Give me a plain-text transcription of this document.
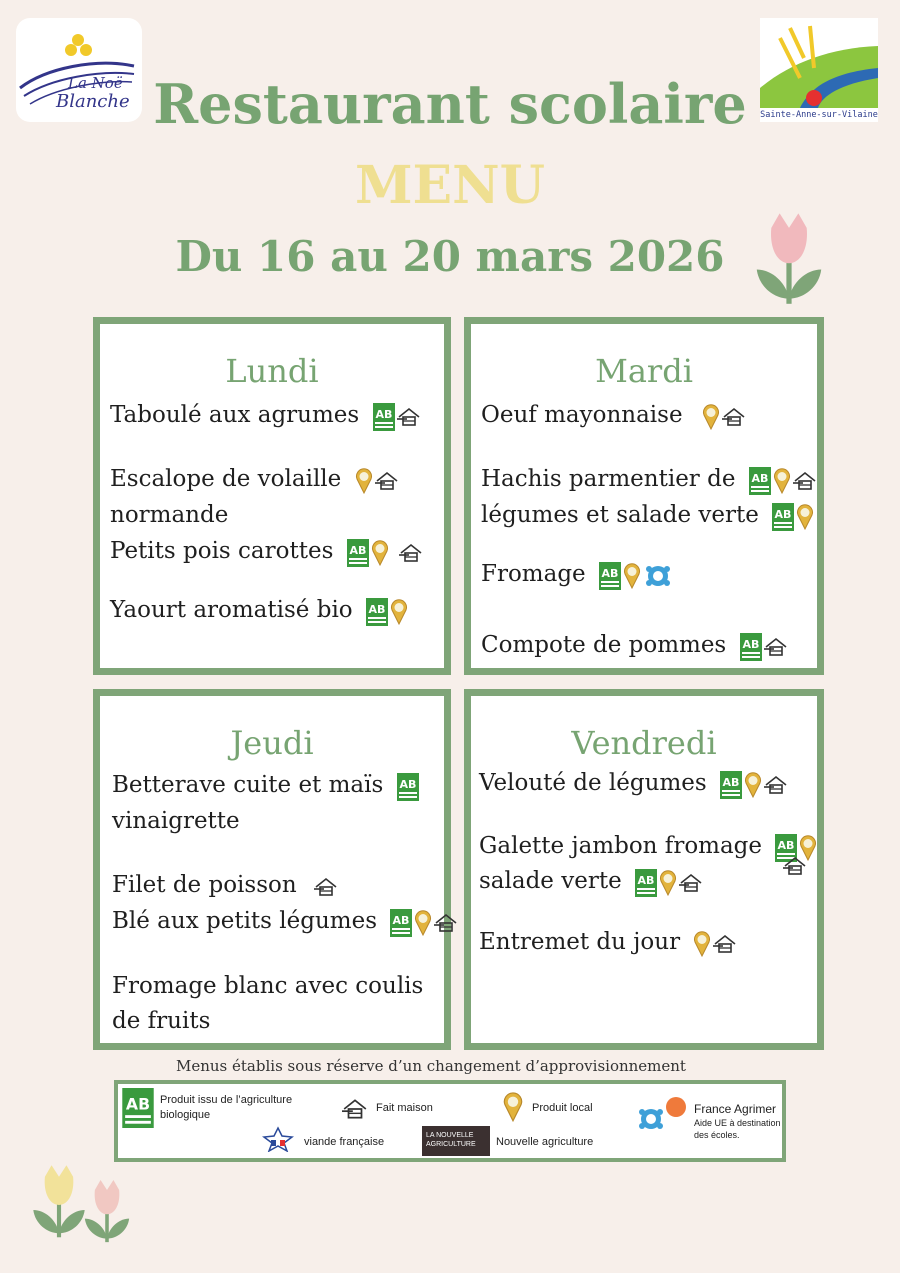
La Noë
Blanche
Sainte-Anne-sur-Vilaine
Restaurant scolaire
MENU
Du 16 au 20 mars 2026
Lundi
Taboulé aux agrumes
Escalope de volaille
normande
Petits pois carottes
Yaourt aromatisé bio
Mardi
Oeuf mayonnaise
Hachis parmentier de
légumes et salade verte
Fromage
Compote de pommes
Jeudi
Betterave cuite et maïs
vinaigrette
Filet de poisson
Blé aux petits légumes
Fromage blanc avec coulis
de fruits
Vendredi
Velouté de légumes
Galette jambon fromage
salade verte
Entremet du jour
Menus établis sous réserve d’un changement d’approvisionnement
Produit issu de l’agriculture
biologique
Fait maison	Produit local	France Agrimer
Aide UE à destination
des écoles.
viande française
LA NOUVELLE
AGRICULTURE	Nouvelle agriculture
